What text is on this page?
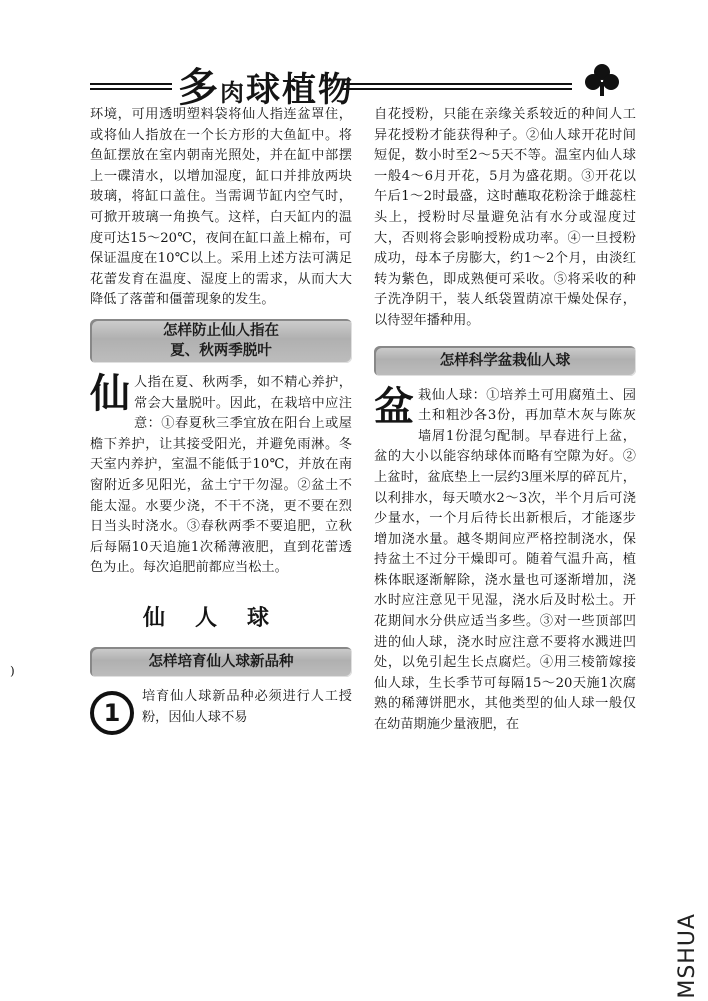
多肉球植物

环境，可用透明塑料袋将仙人指连盆罩住，或将仙人指放在一个长方形的大鱼缸中。将鱼缸摆放在室内朝南光照处，并在缸中部摆上一碟清水，以增加湿度，缸口并排放两块玻璃，将缸口盖住。当需调节缸内空气时，可掀开玻璃一角换气。这样，白天缸内的温度可达15～20℃，夜间在缸口盖上棉布，可保证温度在10℃以上。采用上述方法可满足花蕾发育在温度、湿度上的需求，从而大大降低了落蕾和僵蕾现象的发生。

怎样防止仙人指在
夏、秋两季脱叶

仙人指在夏、秋两季，如不精心养护，常会大量脱叶。因此，在栽培中应注意：①春夏秋三季宜放在阳台上或屋檐下养护，让其接受阳光，并避免雨淋。冬天室内养护，室温不能低于10℃，并放在南窗附近多见阳光，盆土宁干勿湿。②盆土不能太湿。水要少浇，不干不浇，更不要在烈日当头时浇水。③春秋两季不要追肥，立秋后每隔10天追施1次稀薄液肥，直到花蕾透色为止。每次追肥前都应当松土。

仙人球
怎样培育仙人球新品种

1
培育仙人球新品种必须进行人工授粉，因仙人球不易

自花授粉，只能在亲缘关系较近的种间人工异花授粉才能获得种子。②仙人球开花时间短促，数小时至2～5天不等。温室内仙人球一般4～6月开花，5月为盛花期。③开花以午后1～2时最盛，这时蘸取花粉涂于雌蕊柱头上，授粉时尽量避免沾有水分或湿度过大，否则将会影响授粉成功率。④一旦授粉成功，母本子房膨大，约1～2个月，由淡红转为紫色，即成熟便可采收。⑤将采收的种子洗净阴干，装人纸袋置荫凉干燥处保存，以待翌年播种用。

怎样科学盆栽仙人球

盆栽仙人球：①培养土可用腐殖土、园土和粗沙各3份，再加草木灰与陈灰墙屑1份混匀配制。早春进行上盆，盆的大小以能容纳球体而略有空隙为好。②上盆时，盆底垫上一层约3厘米厚的碎瓦片，以利排水，每天喷水2～3次，半个月后可浇少量水，一个月后待长出新根后，才能逐步增加浇水量。越冬期间应严格控制浇水，保持盆土不过分干燥即可。随着气温升高，植株体眠逐渐解除，浇水量也可逐渐增加，浇水时应注意见干见湿，浇水后及时松土。开花期间水分供应适当多些。③对一些顶部凹进的仙人球，浇水时应注意不要将水溅进凹处，以免引起生长点腐烂。④用三棱箭嫁接仙人球，生长季节可每隔15～20天施1次腐熟的稀薄饼肥水，其他类型的仙人球一般仅在幼苗期施少量液肥，在

)
MSHUA
